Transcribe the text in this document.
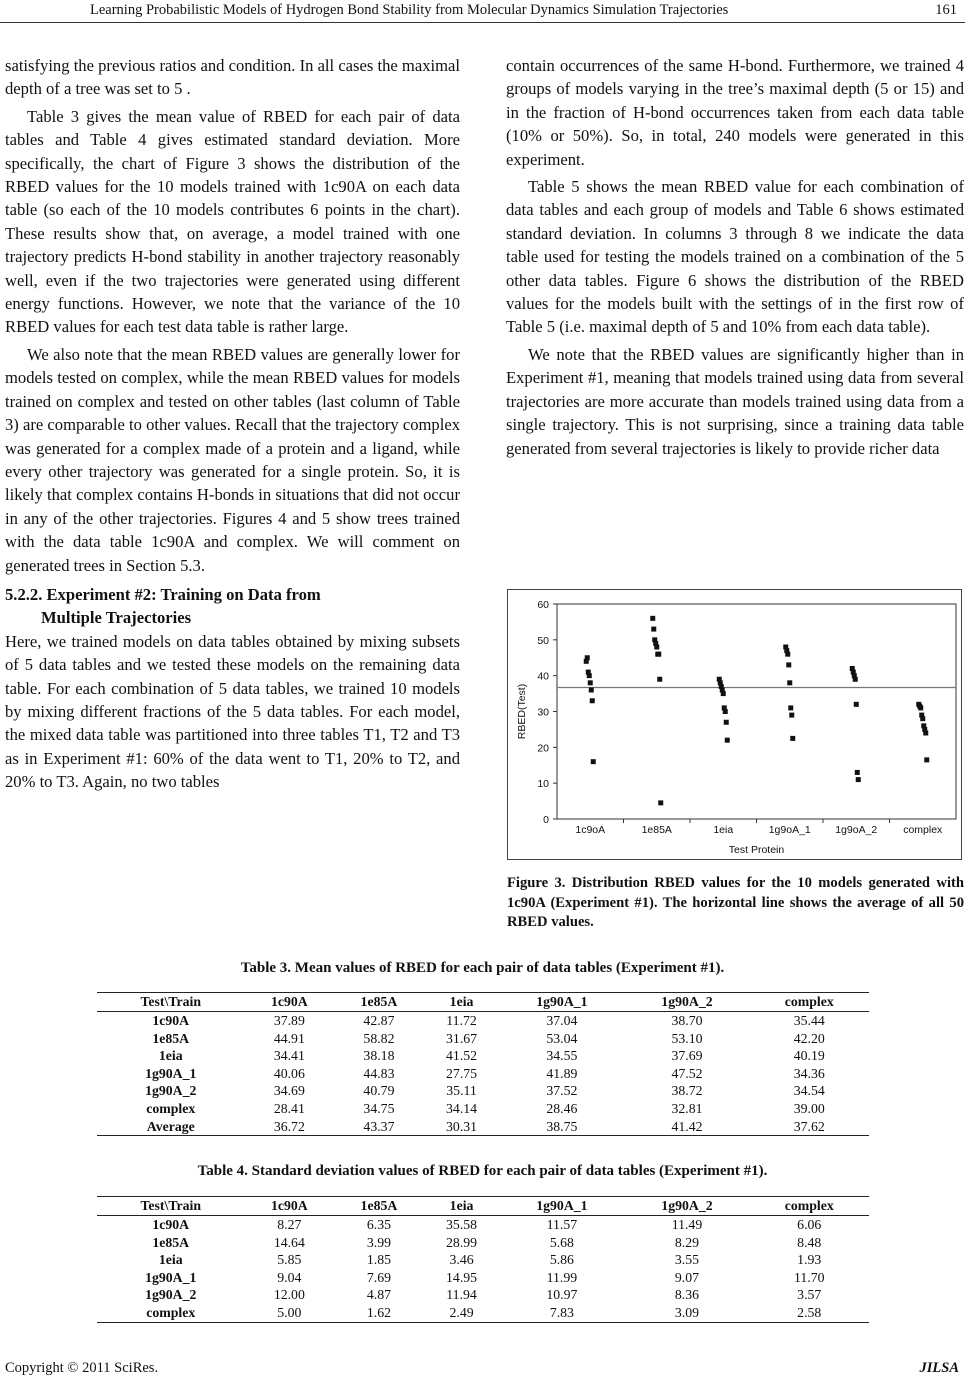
Learning Probabilistic Models of Hydrogen Bond Stability from Molecular Dynamics Simulation Trajectories	161

satisfying the previous ratios and condition. In all cases the maximal depth of a tree was set to 5 .

Table 3 gives the mean value of RBED for each pair of data tables and Table 4 gives estimated standard deviation. More specifically, the chart of Figure 3 shows the distribution of the RBED values for the 10 models trained with 1c90A on each data table (so each of the 10 models contributes 6 points in the chart). These results show that, on average, a model trained with one trajectory predicts H-bond stability in another trajectory reasonably well, even if the two trajectories were generated using different energy functions. However, we note that the variance of the 10 RBED values for each test data table is rather large.

We also note that the mean RBED values are generally lower for models tested on complex, while the mean RBED values for models trained on complex and tested on other tables (last column of Table 3) are comparable to other values. Recall that the trajectory complex was generated for a complex made of a protein and a ligand, while every other trajectory was generated for a single protein. So, it is likely that complex contains H-bonds in situations that did not occur in any of the other trajectories. Figures 4 and 5 show trees trained with the data table 1c90A and complex. We will comment on generated trees in Section 5.3.

5.2.2. Experiment #2: Training on Data from
Multiple Trajectories

Here, we trained models on data tables obtained by mixing subsets of 5 data tables and we tested these models on the remaining data table. For each combination of 5 data tables, we trained 10 models by mixing different fractions of the 5 data tables. For each model, the mixed data table was partitioned into three tables T1, T2 and T3 as in Experiment #1: 60% of the data went to T1, 20% to T2, and 20% to T3. Again, no two tables

contain occurrences of the same H-bond. Furthermore, we trained 4 groups of models varying in the tree’s maximal depth (5 or 15) and in the fraction of H-bond occurrences taken from each data table (10% or 50%). So, in total, 240 models were generated in this experiment.

Table 5 shows the mean RBED value for each combination of data tables and each group of models and Table 6 shows estimated standard deviation. In columns 3 through 8 we indicate the data table used for testing the models trained on a combination of the 5 other data tables. Figure 6 shows the distribution of the RBED values for the models built with the settings of in the first row of Table 5 (i.e. maximal depth of 5 and 10% from each data table).

We note that the RBED values are significantly higher than in Experiment #1, meaning that models trained using data from several trajectories are more accurate than models trained using data from a single trajectory. This is not surprising, since a training data table generated from several trajectories is likely to provide richer data

0
10
20
30
40
50
60
1c9oA	1e85A	1eia	1g9oA_1 1g9oA_2 complex
Test Protein
RBED(Test)
Figure 3. Distribution RBED values for the 10 models generated with 1c90A (Experiment #1). The horizontal line shows the average of all 50 RBED values.
Table 3. Mean values of RBED for each pair of data tables (Experiment #1).
Test\Train	1c90A	1e85A	1eia	1g90A_1	1g90A_2	complex
1c90A	37.89	42.87	11.72	37.04	38.70	35.44
1e85A	44.91	58.82	31.67	53.04	53.10	42.20
1eia	34.41	38.18	41.52	34.55	37.69	40.19
1g90A_1	40.06	44.83	27.75	41.89	47.52	34.36
1g90A_2	34.69	40.79	35.11	37.52	38.72	34.54
complex	28.41	34.75	34.14	28.46	32.81	39.00
Average	36.72	43.37	30.31	38.75	41.42	37.62
Table 4. Standard deviation values of RBED for each pair of data tables (Experiment #1).
Test\Train	1c90A	1e85A	1eia	1g90A_1	1g90A_2	complex
1c90A	8.27	6.35	35.58	11.57	11.49	6.06
1e85A	14.64	3.99	28.99	5.68	8.29	8.48
1eia	5.85	1.85	3.46	5.86	3.55	1.93
1g90A_1	9.04	7.69	14.95	11.99	9.07	11.70
1g90A_2	12.00	4.87	11.94	10.97	8.36	3.57
complex	5.00	1.62	2.49	7.83	3.09	2.58
Copyright © 2011 SciRes.	JILSA
